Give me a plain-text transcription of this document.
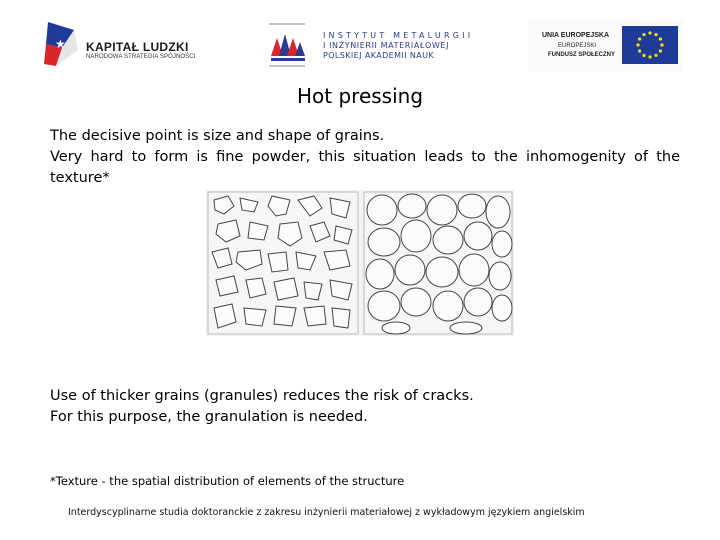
★ KAPITAŁ LUDZKI
NARODOWA STRATEGIA SPÓJNOŚCI
INSTYTUT METALURGII
I INŻYNIERII MATERIAŁOWEJ
POLSKIEJ AKADEMII NAUK
UNIA EUROPEJSKA
EUROPEJSKI
FUNDUSZ SPOŁECZNY
Hot pressing
The decisive point is size and shape of grains.
Very hard to form is fine powder, this situation leads to the inhomogenity of the
texture*
Use of thicker grains (granules) reduces the risk of cracks.
For this purpose, the granulation is needed.
*Texture - the spatial distribution of elements of the structure
Interdyscyplinarne studia doktoranckie z zakresu inżynierii materiałowej z wykładowym językiem angielskim
